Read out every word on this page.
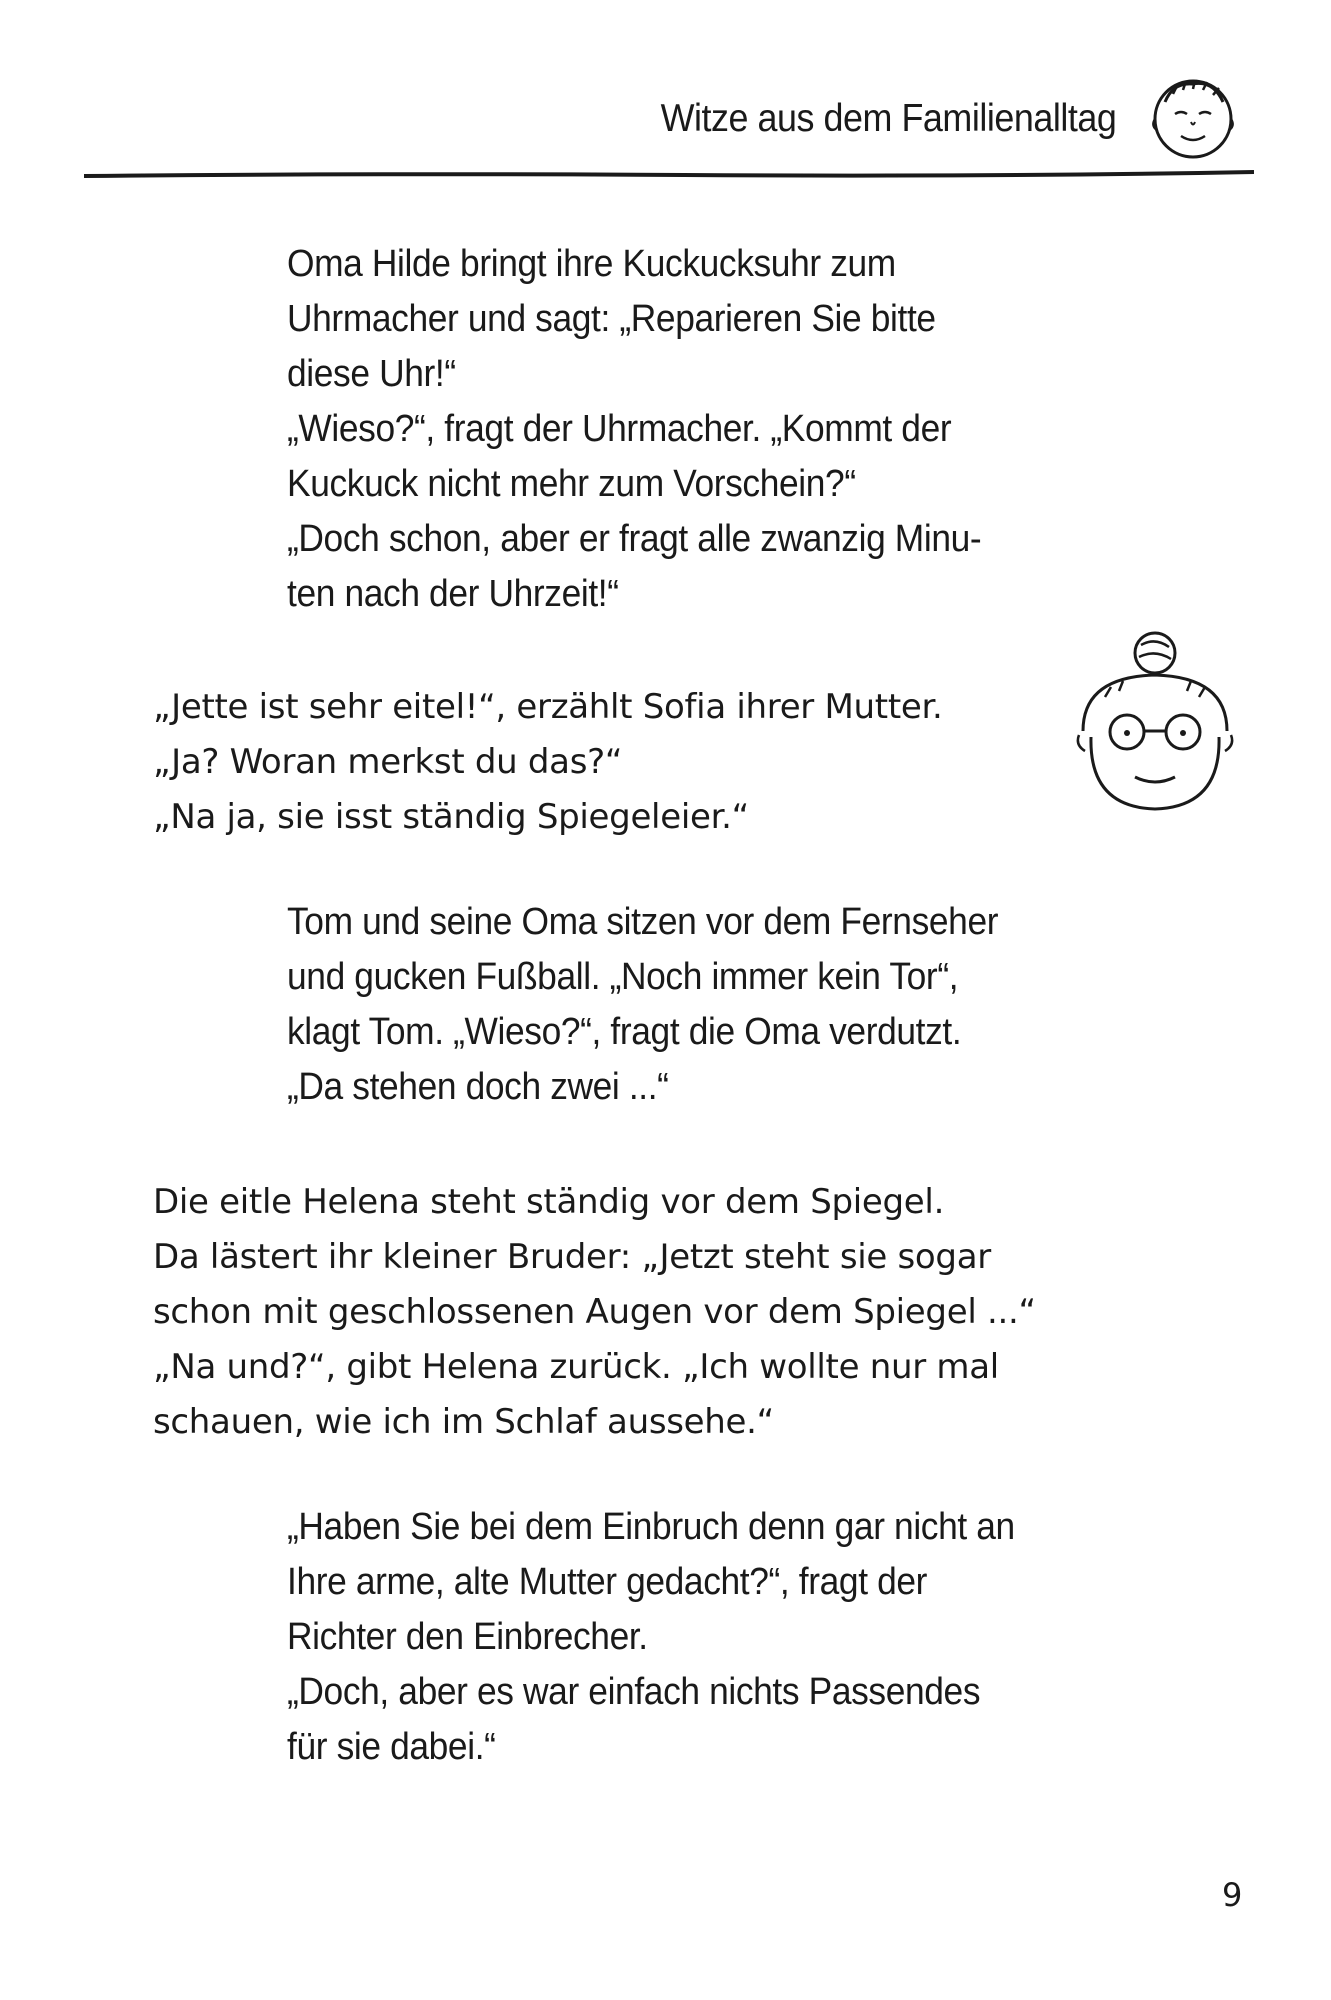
Witze aus dem Familienalltag

Oma Hilde bringt ihre Kuckucksuhr zum

Uhrmacher und sagt: „Reparieren Sie bitte

diese Uhr!“

„Wieso?“, fragt der Uhrmacher. „Kommt der

Kuckuck nicht mehr zum Vorschein?“

„Doch schon, aber er fragt alle zwanzig Minu-

ten nach der Uhrzeit!“

„Jette ist sehr eitel!“, erzählt Sofia ihrer Mutter.

„Ja? Woran merkst du das?“

„Na ja, sie isst ständig Spiegeleier.“

Tom und seine Oma sitzen vor dem Fernseher

und gucken Fußball. „Noch immer kein Tor“,

klagt Tom. „Wieso?“, fragt die Oma verdutzt.

„Da stehen doch zwei ...“

Die eitle Helena steht ständig vor dem Spiegel.

Da lästert ihr kleiner Bruder: „Jetzt steht sie sogar

schon mit geschlossenen Augen vor dem Spiegel ...“

„Na und?“, gibt Helena zurück. „Ich wollte nur mal

schauen, wie ich im Schlaf aussehe.“

„Haben Sie bei dem Einbruch denn gar nicht an

Ihre arme, alte Mutter gedacht?“, fragt der

Richter den Einbrecher.

„Doch, aber es war einfach nichts Passendes

für sie dabei.“

9
